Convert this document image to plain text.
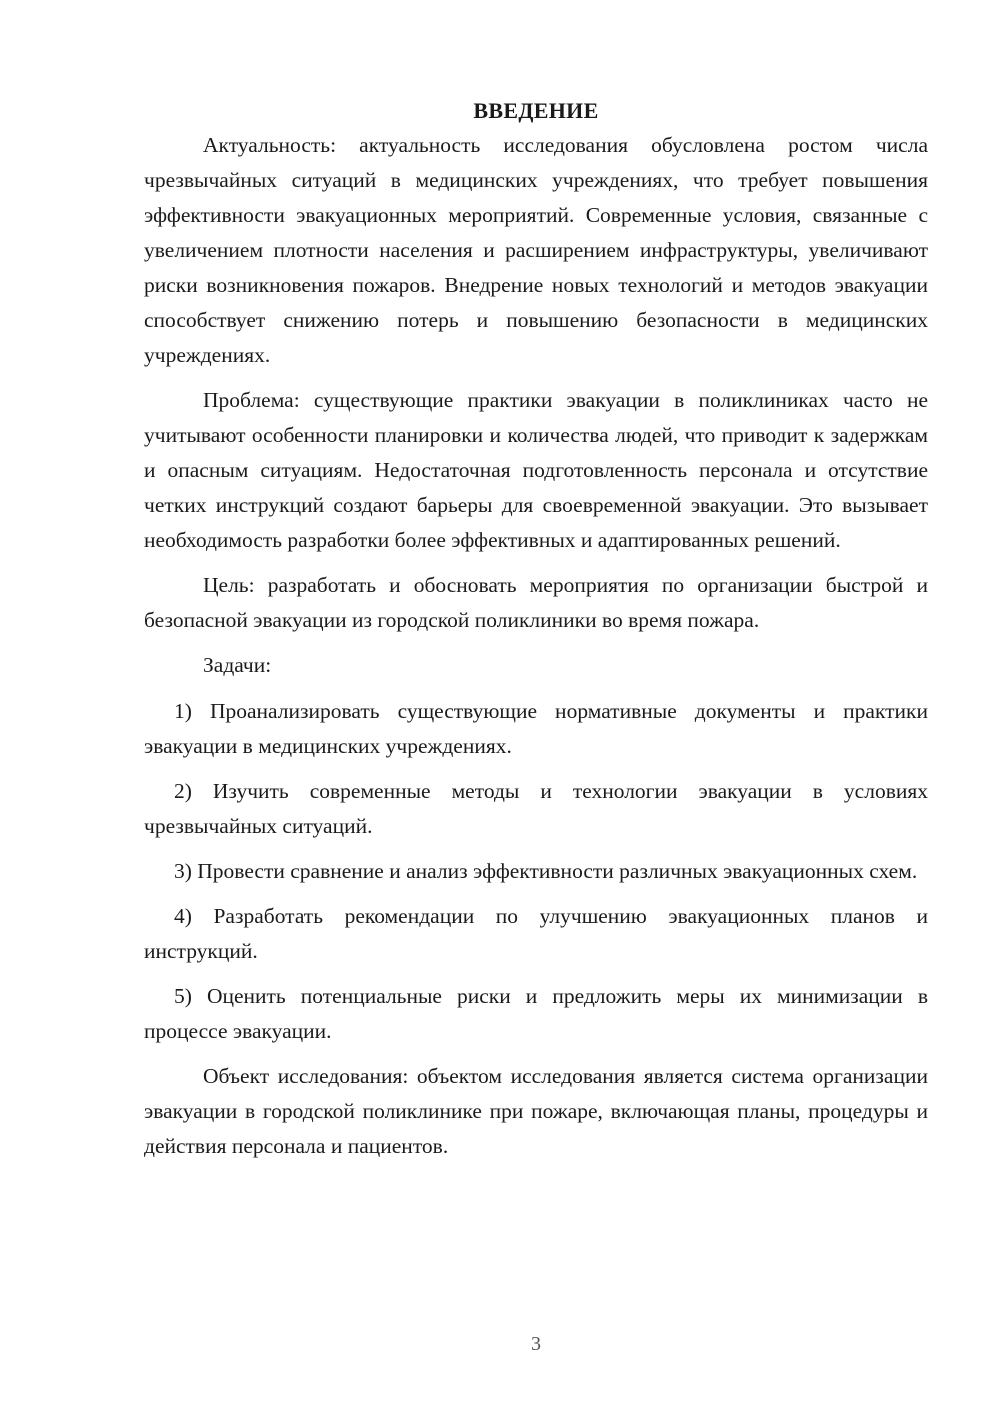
ВВЕДЕНИЕ

Актуальность: актуальность исследования обусловлена ростом числа чрезвычайных ситуаций в медицинских учреждениях, что требует повышения эффективности эвакуационных мероприятий. Современные условия, связанные с увеличением плотности населения и расширением инфраструктуры, увеличивают риски возникновения пожаров. Внедрение новых технологий и методов эвакуации способствует снижению потерь и повышению безопасности в медицинских учреждениях.

Проблема: существующие практики эвакуации в поликлиниках часто не учитывают особенности планировки и количества людей, что приводит к задержкам и опасным ситуациям. Недостаточная подготовленность персонала и отсутствие четких инструкций создают барьеры для своевременной эвакуации. Это вызывает необходимость разработки более эффективных и адаптированных решений.

Цель: разработать и обосновать мероприятия по организации быстрой и безопасной эвакуации из городской поликлиники во время пожара.

Задачи:

1) Проанализировать существующие нормативные документы и практики эвакуации в медицинских учреждениях.

2) Изучить современные методы и технологии эвакуации в условиях чрезвычайных ситуаций.

3) Провести сравнение и анализ эффективности различных эвакуационных схем.

4) Разработать рекомендации по улучшению эвакуационных планов и инструкций.

5) Оценить потенциальные риски и предложить меры их минимизации в процессе эвакуации.

Объект исследования: объектом исследования является система организации эвакуации в городской поликлинике при пожаре, включающая планы, процедуры и действия персонала и пациентов.

3
